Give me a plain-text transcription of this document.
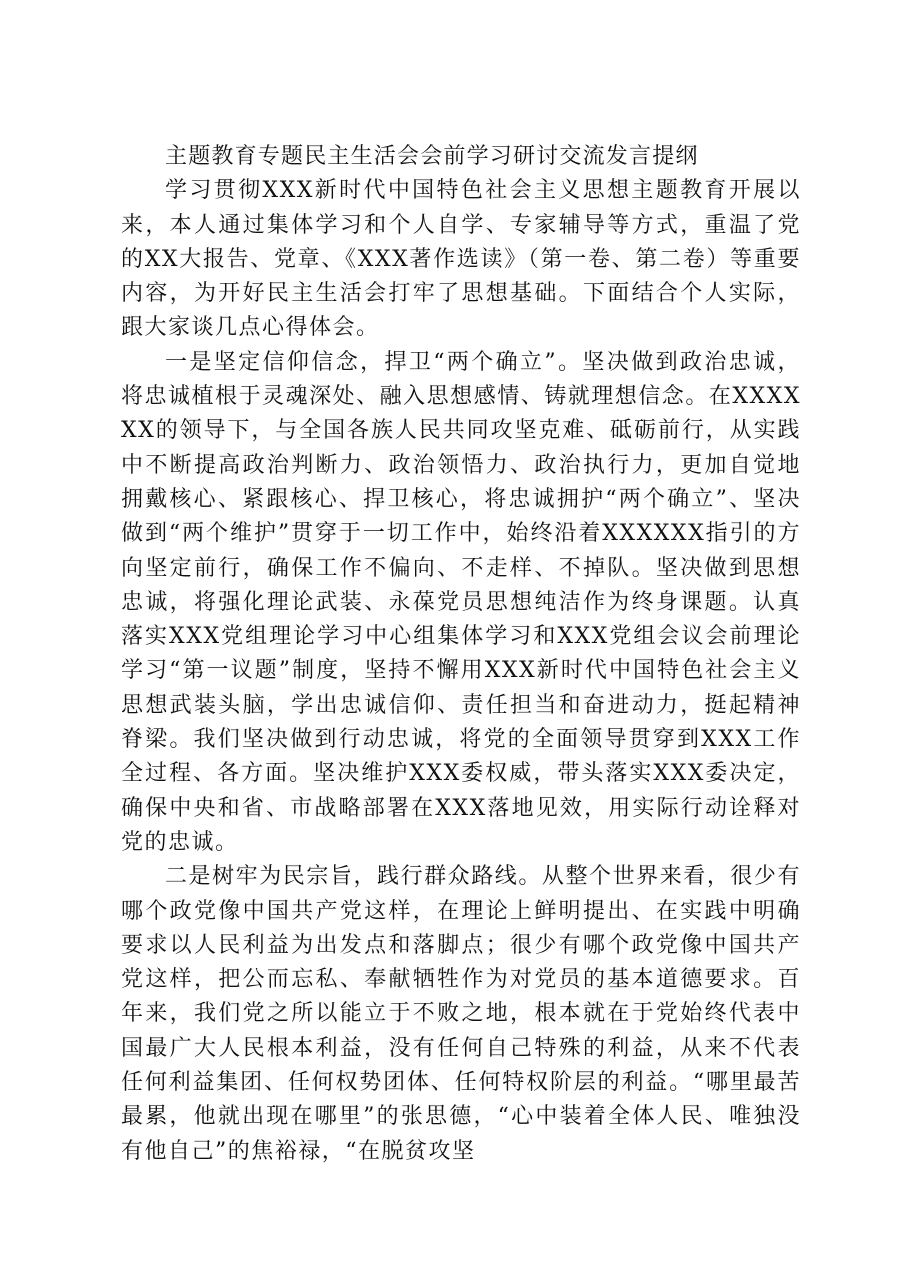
主题教育专题民主生活会会前学习研讨交流发言提纲

学习贯彻XXX新时代中国特色社会主义思想主题教育开展以来，本人通过集体学习和个人自学、专家辅导等方式，重温了党的XX大报告、党章、《XXX著作选读》（第一卷、第二卷）等重要内容，为开好民主生活会打牢了思想基础。下面结合个人实际，跟大家谈几点心得体会。

一是坚定信仰信念，捍卫“两个确立”。坚决做到政治忠诚，将忠诚植根于灵魂深处、融入思想感情、铸就理想信念。在XXXXXX的领导下，与全国各族人民共同攻坚克难、砥砺前行，从实践中不断提高政治判断力、政治领悟力、政治执行力，更加自觉地拥戴核心、紧跟核心、捍卫核心，将忠诚拥护“两个确立”、坚决做到“两个维护”贯穿于一切工作中，始终沿着XXXXXX指引的方向坚定前行，确保工作不偏向、不走样、不掉队。坚决做到思想忠诚，将强化理论武装、永葆党员思想纯洁作为终身课题。认真落实XXX党组理论学习中心组集体学习和XXX党组会议会前理论学习“第一议题”制度，坚持不懈用XXX新时代中国特色社会主义思想武装头脑，学出忠诚信仰、责任担当和奋进动力，挺起精神脊梁。我们坚决做到行动忠诚，将党的全面领导贯穿到XXX工作全过程、各方面。坚决维护XXX委权威，带头落实XXX委决定，确保中央和省、市战略部署在XXX落地见效，用实际行动诠释对党的忠诚。

二是树牢为民宗旨，践行群众路线。从整个世界来看，很少有哪个政党像中国共产党这样，在理论上鲜明提出、在实践中明确要求以人民利益为出发点和落脚点；很少有哪个政党像中国共产党这样，把公而忘私、奉献牺牲作为对党员的基本道德要求。百年来，我们党之所以能立于不败之地，根本就在于党始终代表中国最广大人民根本利益，没有任何自己特殊的利益，从来不代表任何利益集团、任何权势团体、任何特权阶层的利益。“哪里最苦最累，他就出现在哪里”的张思德，“心中装着全体人民、唯独没有他自己”的焦裕禄，“在脱贫攻坚
